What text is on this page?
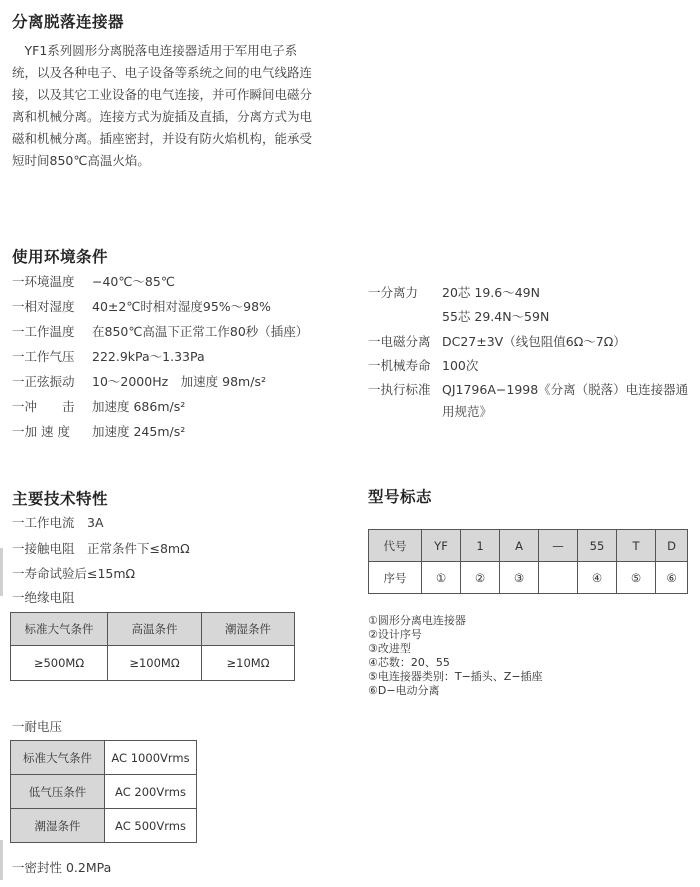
分离脱落连接器

　YF1系列圆形分离脱落电连接器适用于军用电子系

统，以及各种电子、电子设备等系统之间的电气线路连

接，以及其它工业设备的电气连接，并可作瞬间电磁分

离和机械分离。连接方式为旋插及直插，分离方式为电

磁和机械分离。插座密封，并设有防火焰机构，能承受

短时间850℃高温火焰。

使用环境条件
一环境温度 −40℃～85℃
一相对湿度 40±2℃时相对湿度95%～98%
一工作温度 在850℃高温下正常工作80秒（插座）
一工作气压 222.9kPa～1.33Pa
一正弦振动 10～2000Hz　加速度 98m/s²
一冲　　击 加速度 686m/s²
一加 速 度 加速度 245m/s²
一分离力 20芯 19.6～49N
55芯 29.4N～59N
一电磁分离 DC27±3V（线包阻值6Ω～7Ω）
一机械寿命 100次
一执行标准 QJ1796A−1998《分离（脱落）电连接器通
用规范》
主要技术特性
一工作电流　3A
一接触电阻　正常条件下≤8mΩ
一寿命试验后≤15mΩ
一绝缘电阻
标准大气条件	高温条件	潮湿条件
≥500MΩ	≥100MΩ	≥10MΩ
一耐电压
标准大气条件	AC 1000Vrms
低气压条件	AC 200Vrms
潮湿条件	AC 500Vrms
一密封性 0.2MPa
型号标志
代号	YF	1	A	—	55	T	D
序号	①	②	③		④	⑤	⑥
①圆形分离电连接器
②设计序号
③改进型
④芯数：20、55
⑤电连接器类别：T−插头、Z−插座
⑥D−电动分离
